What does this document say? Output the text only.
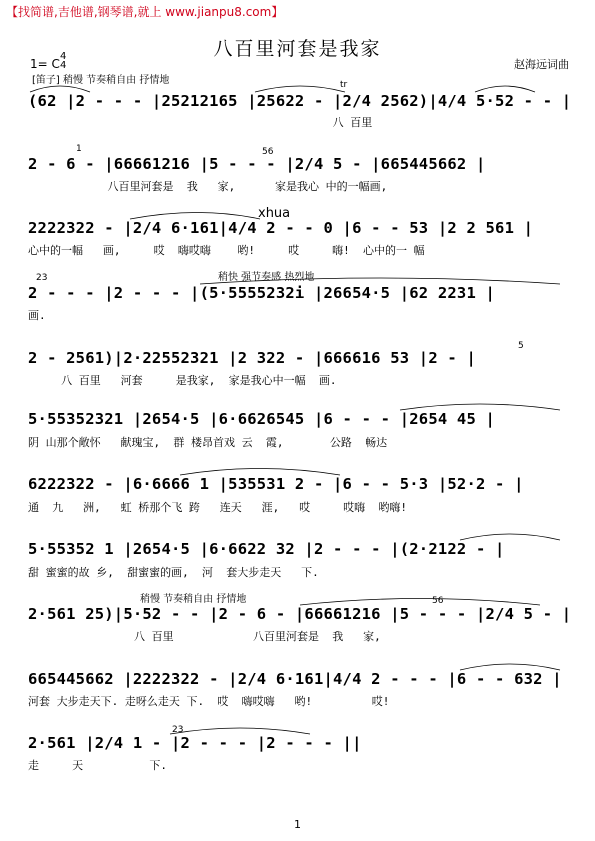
【找简谱,吉他谱,钢琴谱,就上 www.jianpu8.com】
八百里河套是我家
1= C
4
4	赵海远词曲
[笛子] 稍慢 节奏稍自由 抒情地
稍快 强节奏感 热烈地
稍慢 节奏稍自由 抒情地
tr
1	56
xhua
23
5
56
23
(62 |2 - - - |25212165 |25622 - |2/4 2562)|4/4 5·52 - - |
八 百里
2 - 6 - |66661216 |5 - - - |2/4 5 - |665445662 |
八百里河套是  我   家,      家是我心 中的一幅画,
2222322 - |2/4 6·161|4/4 2 - - 0 |6 - - 53 |2 2 561 |
心中的一幅   画,     哎  嗨哎嗨    哟!     哎     嗨!  心中的一 幅
2 - - - |2 - - - |(5·5555232i |26654·5 |62 2231 |
画.
2 - 2561)|2·22552321 |2 322 - |666616 53 |2 - |
八 百里   河套     是我家,  家是我心中一幅  画.
5·55352321 |2654·5 |6·6626545 |6 - - - |2654 45 |
阴 山那个敞怀   献瑰宝,  群 楼昂首戏 云  霞,       公路  畅达
6222322 - |6·6666 1 |535531 2 - |6 - - 5·3 |52·2 - |
通  九   洲,   虹 桥那个飞 跨   连天   涯,   哎     哎嗨  哟嗨!
5·55352 1 |2654·5 |6·6622 32 |2 - - - |(2·2122 - |
甜 蜜蜜的故 乡,  甜蜜蜜的画,  河  套大步走天   下.
2·561 25)|5·52 - - |2 - 6 - |66661216 |5 - - - |2/4 5 - |
八 百里            八百里河套是  我   家,
665445662 |2222322 - |2/4 6·161|4/4 2 - - - |6 - - 632 |
河套 大步走天下. 走呀么走天 下.  哎  嗨哎嗨   哟!         哎!
2·561 |2/4 1 - |2 - - - |2 - - - ||
走     天          下.
1
